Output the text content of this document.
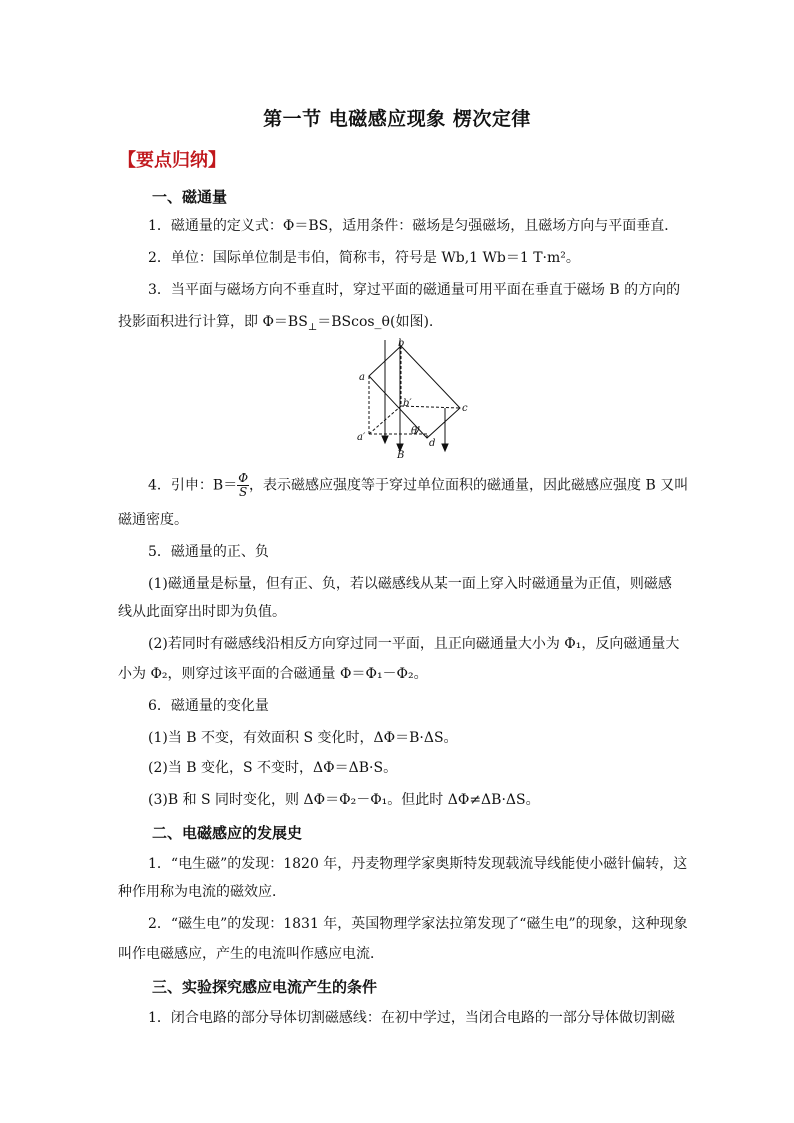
第一节 电磁感应现象 楞次定律
【要点归纳】
一、磁通量
1．磁通量的定义式：Φ＝BS，适用条件：磁场是匀强磁场，且磁场方向与平面垂直．
2．单位：国际单位制是韦伯，简称韦，符号是 Wb,1 Wb＝1 T·m²。
3．当平面与磁场方向不垂直时，穿过平面的磁通量可用平面在垂直于磁场 B 的方向的
投影面积进行计算，即 $\Phi=BS_\perp=BScos\_\theta$(如图).
a
b
b′	c
a′
d
θ
B
4．引申：$B= \frac{\Phi}{S}$ ，表示磁感应强度等于穿过单位面积的磁通量，因此磁感应强度 B 又叫
磁通密度。
5．磁通量的正、负
(1)磁通量是标量，但有正、负，若以磁感线从某一面上穿入时磁通量为正值，则磁感
线从此面穿出时即为负值。
(2)若同时有磁感线沿相反方向穿过同一平面，且正向磁通量大小为 Φ₁，反向磁通量大
小为 Φ₂，则穿过该平面的合磁通量 Φ＝Φ₁－Φ₂。
6．磁通量的变化量
(1)当 B 不变，有效面积 S 变化时，ΔΦ＝B·ΔS。
(2)当 B 变化，S 不变时，ΔΦ＝ΔB·S。
(3)B 和 S 同时变化，则 ΔΦ＝Φ₂－Φ₁。但此时 ΔΦ≠ΔB·ΔS。
二、电磁感应的发展史
1．“电生磁”的发现：1820 年，丹麦物理学家奥斯特发现载流导线能使小磁针偏转，这
种作用称为电流的磁效应．
2．“磁生电”的发现：1831 年，英国物理学家法拉第发现了“磁生电”的现象，这种现象
叫作电磁感应，产生的电流叫作感应电流．
三、实验探究感应电流产生的条件
1．闭合电路的部分导体切割磁感线：在初中学过，当闭合电路的一部分导体做切割磁
